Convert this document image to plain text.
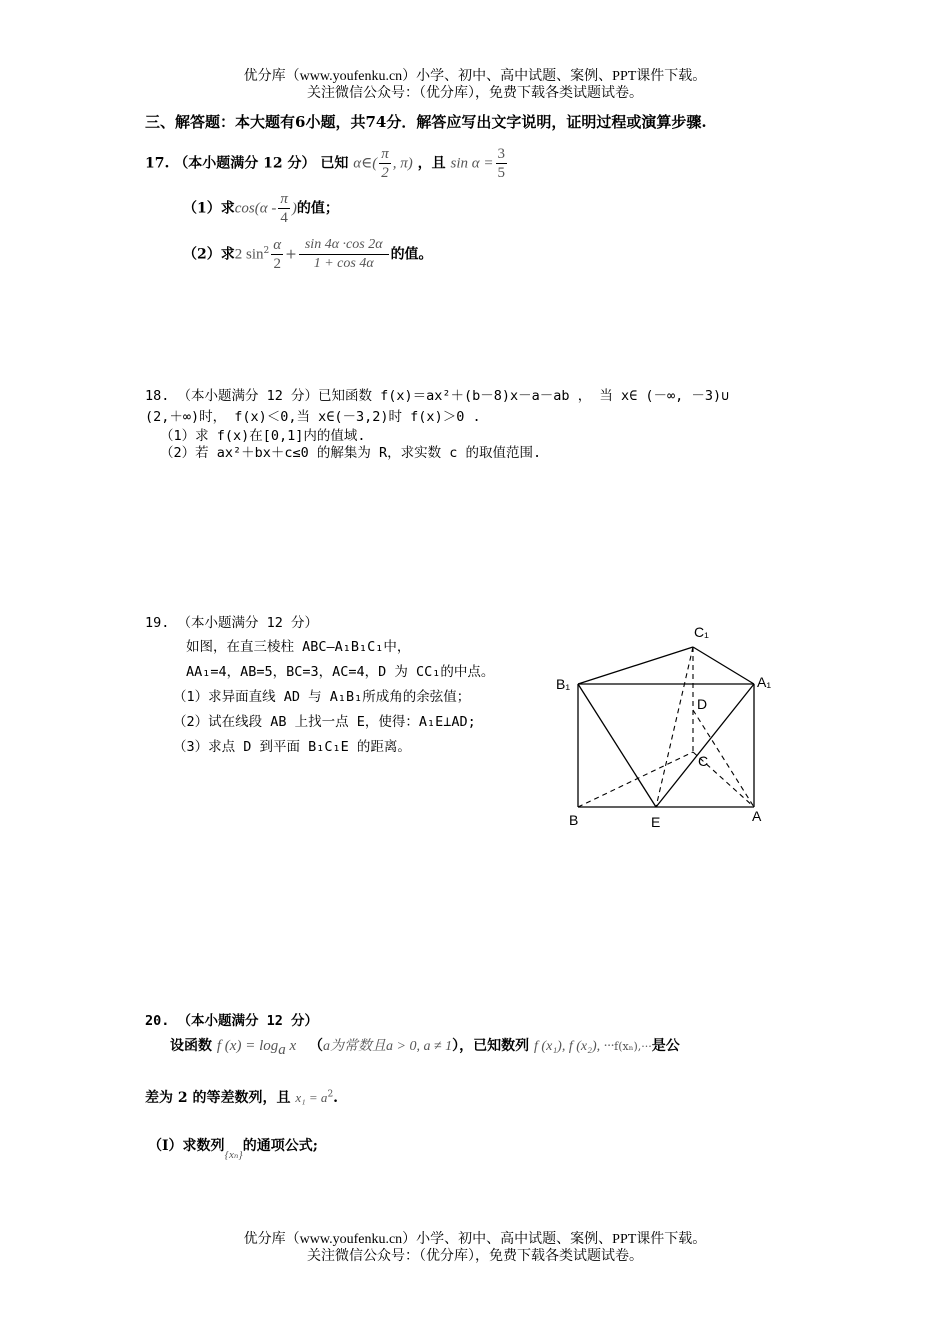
优分库（www.youfenku.cn）小学、初中、高中试题、案例、PPT课件下载。
关注微信公众号：（优分库），免费下载各类试题试卷。
三、解答题：本大题有6小题，共74分．解答应写出文字说明，证明过程或演算步骤.
17. （本小题满分 12 分） 已知 α∈( $\frac{\pi}{2}$ , π) ，且 $\sin \alpha = \frac{3}{5}$
（1）求$\cos(\alpha - \frac{\pi}{4}$ )的值；
（2）求2 $\sin^2 \frac{\alpha}{2} + \frac{\sin 4\alpha \cdot\cos 2\alpha}{1 + \cos 4\alpha}$ 的值。
18. （本小题满分 12 分）已知函数 f(x)＝ax²＋(b－8)x－a－ab ， 当 x∈ (－∞, －3)∪
(2,＋∞)时， f(x)＜0,当 x∈(－3,2)时 f(x)＞0 .
（1）求 f(x)在[0,1]内的值域.
（2）若 ax²＋bx＋c≤0 的解集为 R，求实数 c 的取值范围.
19. （本小题满分 12 分）
如图，在直三棱柱 ABC—A₁B₁C₁中，
AA₁=4，AB=5，BC=3，AC=4，D 为 CC₁的中点。
（1）求异面直线 AD 与 A₁B₁所成角的余弦值；
（2）试在线段 AB 上找一点 E，使得：A₁E⊥AD;
（3）求点 D 到平面 B₁C₁E 的距离。
C₁
B₁	A₁
D
C
B	E	A
20. （本小题满分 12 分）
设函数 f $(x) = \log_a x$ （a为常数且a > 0, a ≠ 1），已知数列 f (x₁), f (x₂), ···f(xₙ),···是公
差为 2 的等差数列，且 $x_1 = a^2$.
（Ⅰ）求数列$_{\{x_n\}}$的通项公式;
优分库（www.youfenku.cn）小学、初中、高中试题、案例、PPT课件下载。
关注微信公众号：（优分库），免费下载各类试题试卷。
